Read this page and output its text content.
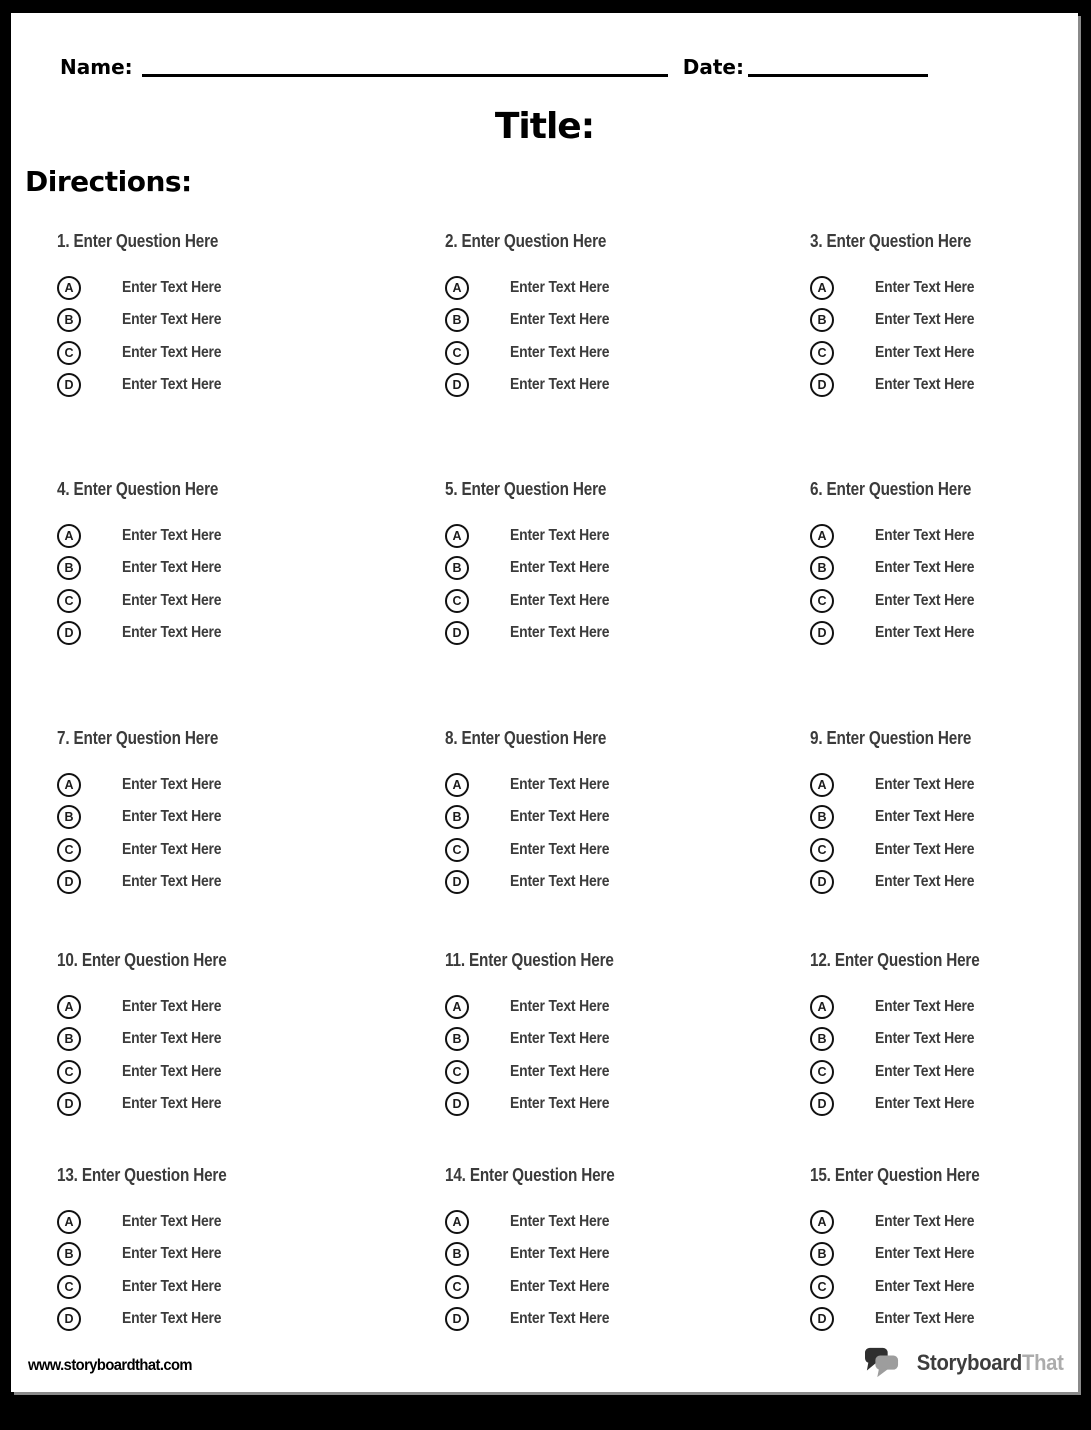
Name:	Date:
Title:
Directions:
1. Enter Question Here
A	Enter Text Here
B	Enter Text Here
C	Enter Text Here
D	Enter Text Here
2. Enter Question Here
A	Enter Text Here
B	Enter Text Here
C	Enter Text Here
D	Enter Text Here
3. Enter Question Here
A	Enter Text Here
B	Enter Text Here
C	Enter Text Here
D	Enter Text Here
4. Enter Question Here
A	Enter Text Here
B	Enter Text Here
C	Enter Text Here
D	Enter Text Here
5. Enter Question Here
A	Enter Text Here
B	Enter Text Here
C	Enter Text Here
D	Enter Text Here
6. Enter Question Here
A	Enter Text Here
B	Enter Text Here
C	Enter Text Here
D	Enter Text Here
7. Enter Question Here
A	Enter Text Here
B	Enter Text Here
C	Enter Text Here
D	Enter Text Here
8. Enter Question Here
A	Enter Text Here
B	Enter Text Here
C	Enter Text Here
D	Enter Text Here
9. Enter Question Here
A	Enter Text Here
B	Enter Text Here
C	Enter Text Here
D	Enter Text Here
10. Enter Question Here
A	Enter Text Here
B	Enter Text Here
C	Enter Text Here
D	Enter Text Here
11. Enter Question Here
A	Enter Text Here
B	Enter Text Here
C	Enter Text Here
D	Enter Text Here
12. Enter Question Here
A	Enter Text Here
B	Enter Text Here
C	Enter Text Here
D	Enter Text Here
13. Enter Question Here
A	Enter Text Here
B	Enter Text Here
C	Enter Text Here
D	Enter Text Here
14. Enter Question Here
A	Enter Text Here
B	Enter Text Here
C	Enter Text Here
D	Enter Text Here
15. Enter Question Here
A	Enter Text Here
B	Enter Text Here
C	Enter Text Here
D	Enter Text Here
www.storyboardthat.com	StoryboardThat
